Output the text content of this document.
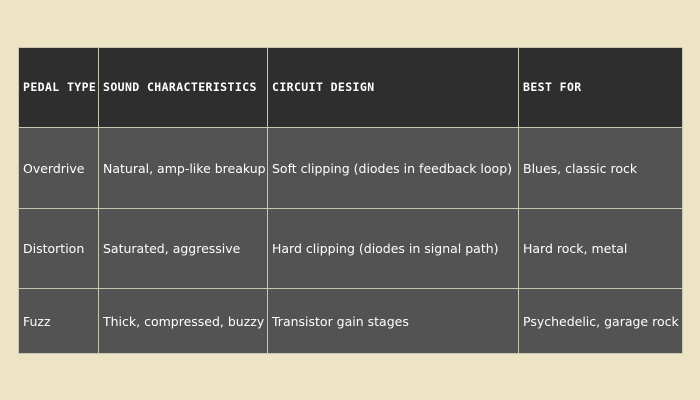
PEDAL TYPE	SOUND CHARACTERISTICS	CIRCUIT DESIGN	BEST FOR
Overdrive	Natural, amp-like breakup	Soft clipping (diodes in feedback loop)	Blues, classic rock
Distortion	Saturated, aggressive	Hard clipping (diodes in signal path)	Hard rock, metal
Fuzz	Thick, compressed, buzzy	Transistor gain stages	Psychedelic, garage rock
